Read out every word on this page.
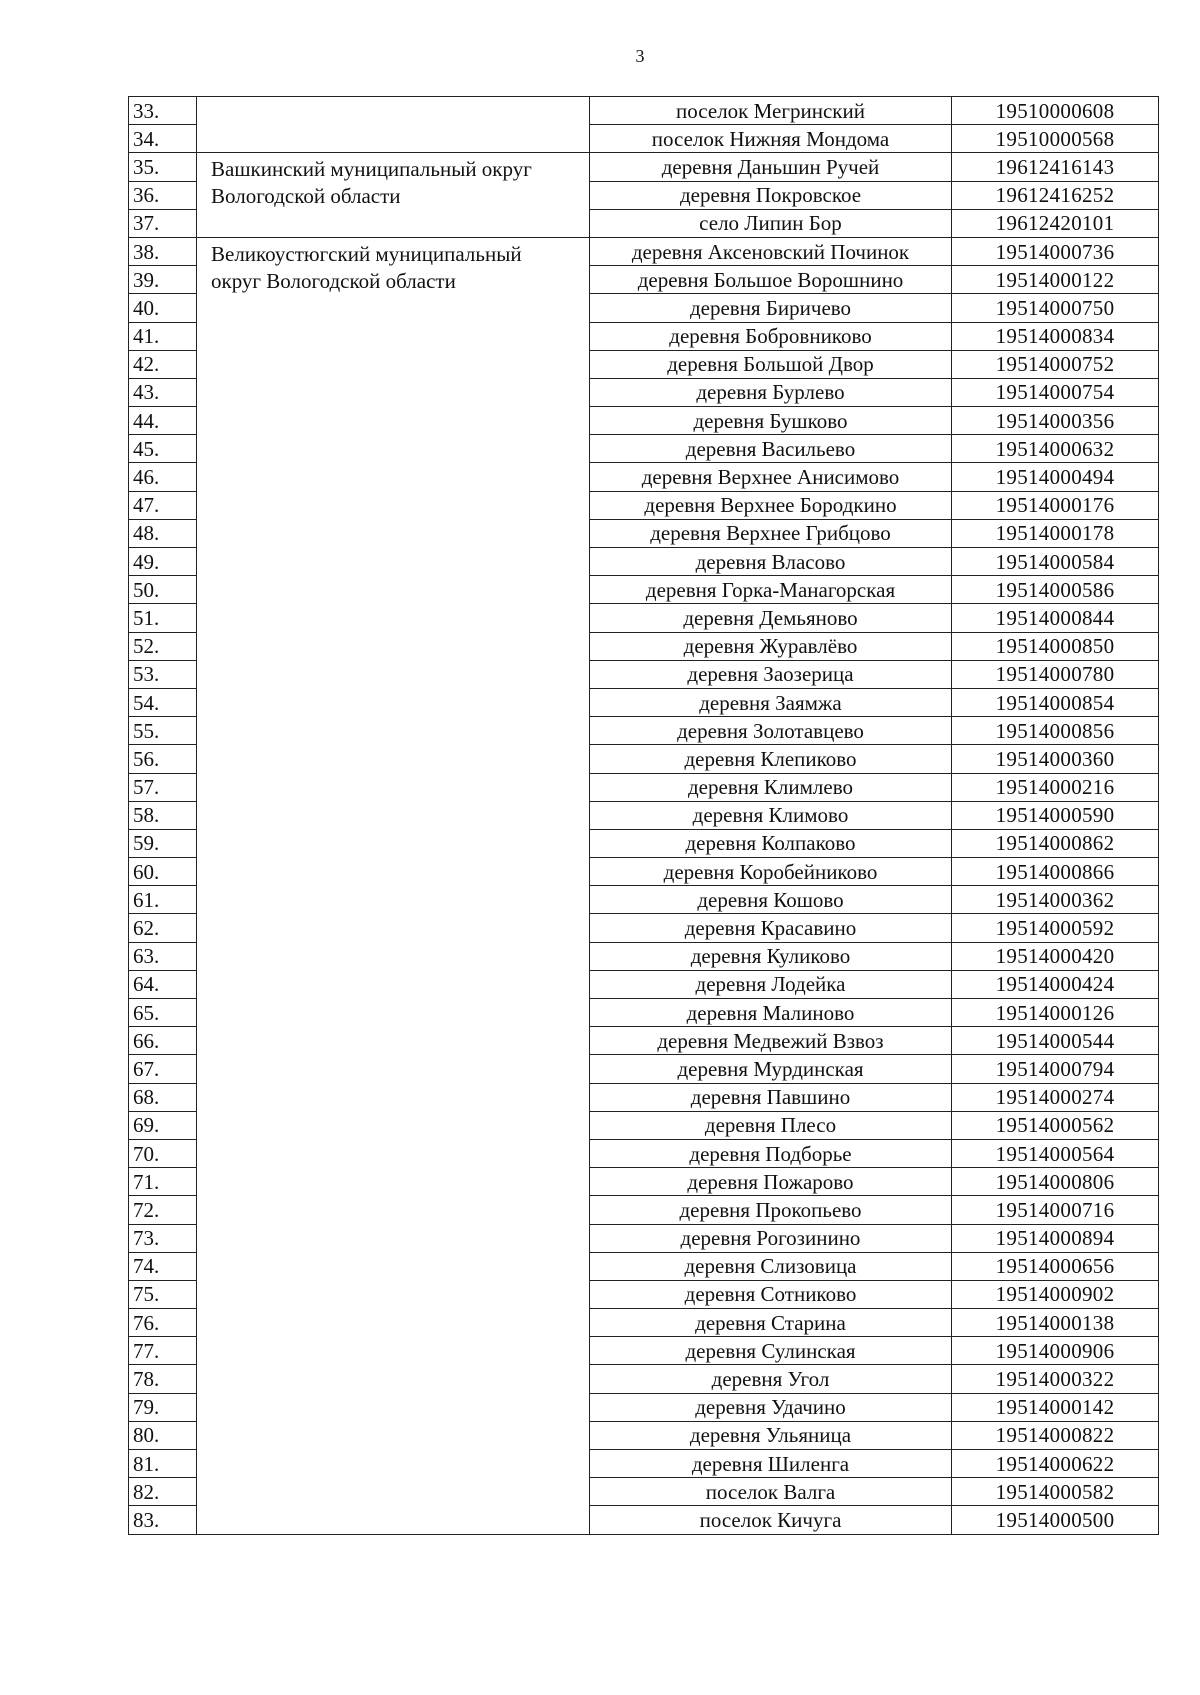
3
33.		поселок Мегринский	19510000608
34.		поселок Нижняя Мондома	19510000568
35.	Вашкинский муниципальный округ Вологодской области	деревня Даньшин Ручей	19612416143
36.		деревня Покровское	19612416252
37.		село Липин Бор	19612420101
38.	Великоустюгский муниципальный округ Вологодской области	деревня Аксеновский Починок	19514000736
39.		деревня Большое Ворошнино	19514000122
40.		деревня Биричево	19514000750
41.		деревня Бобровниково	19514000834
42.		деревня Большой Двор	19514000752
43.		деревня Бурлево	19514000754
44.		деревня Бушково	19514000356
45.		деревня Васильево	19514000632
46.		деревня Верхнее Анисимово	19514000494
47.		деревня Верхнее Бородкино	19514000176
48.		деревня Верхнее Грибцово	19514000178
49.		деревня Власово	19514000584
50.		деревня Горка-Манагорская	19514000586
51.		деревня Демьяново	19514000844
52.		деревня Журавлёво	19514000850
53.		деревня Заозерица	19514000780
54.		деревня Заямжа	19514000854
55.		деревня Золотавцево	19514000856
56.		деревня Клепиково	19514000360
57.		деревня Климлево	19514000216
58.		деревня Климово	19514000590
59.		деревня Колпаково	19514000862
60.		деревня Коробейниково	19514000866
61.		деревня Кошово	19514000362
62.		деревня Красавино	19514000592
63.		деревня Куликово	19514000420
64.		деревня Лодейка	19514000424
65.		деревня Малиново	19514000126
66.		деревня Медвежий Взвоз	19514000544
67.		деревня Мурдинская	19514000794
68.		деревня Павшино	19514000274
69.		деревня Плесо	19514000562
70.		деревня Подборье	19514000564
71.		деревня Пожарово	19514000806
72.		деревня Прокопьево	19514000716
73.		деревня Рогозинино	19514000894
74.		деревня Слизовица	19514000656
75.		деревня Сотниково	19514000902
76.		деревня Старина	19514000138
77.		деревня Сулинская	19514000906
78.		деревня Угол	19514000322
79.		деревня Удачино	19514000142
80.		деревня Ульяница	19514000822
81.		деревня Шиленга	19514000622
82.		поселок Валга	19514000582
83.		поселок Кичуга	19514000500
